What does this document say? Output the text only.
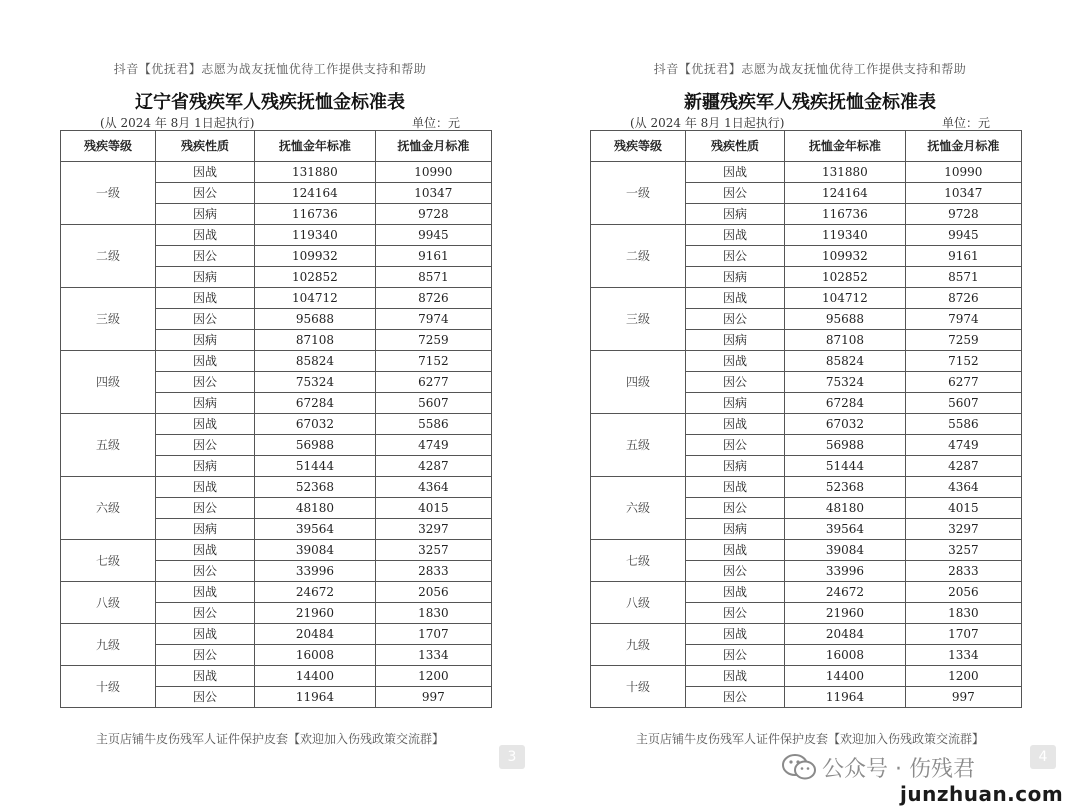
抖音【优抚君】志愿为战友抚恤优待工作提供支持和帮助
辽宁省残疾军人残疾抚恤金标准表
(从 2024 年 8月 1日起执行)	单位：元
残疾等级	残疾性质	抚恤金年标准	抚恤金月标准
一级	因战	131880	10990
	因公	124164	10347
	因病	116736	9728
二级	因战	119340	9945
	因公	109932	9161
	因病	102852	8571
三级	因战	104712	8726
	因公	95688	7974
	因病	87108	7259
四级	因战	85824	7152
	因公	75324	6277
	因病	67284	5607
五级	因战	67032	5586
	因公	56988	4749
	因病	51444	4287
六级	因战	52368	4364
	因公	48180	4015
	因病	39564	3297
七级	因战	39084	3257
	因公	33996	2833
八级	因战	24672	2056
	因公	21960	1830
九级	因战	20484	1707
	因公	16008	1334
十级	因战	14400	1200
	因公	11964	997
主页店铺牛皮伤残军人证件保护皮套【欢迎加入伤残政策交流群】
3
抖音【优抚君】志愿为战友抚恤优待工作提供支持和帮助
新疆残疾军人残疾抚恤金标准表
(从 2024 年 8月 1日起执行)	单位：元
残疾等级	残疾性质	抚恤金年标准	抚恤金月标准
一级	因战	131880	10990
	因公	124164	10347
	因病	116736	9728
二级	因战	119340	9945
	因公	109932	9161
	因病	102852	8571
三级	因战	104712	8726
	因公	95688	7974
	因病	87108	7259
四级	因战	85824	7152
	因公	75324	6277
	因病	67284	5607
五级	因战	67032	5586
	因公	56988	4749
	因病	51444	4287
六级	因战	52368	4364
	因公	48180	4015
	因病	39564	3297
七级	因战	39084	3257
	因公	33996	2833
八级	因战	24672	2056
	因公	21960	1830
九级	因战	20484	1707
	因公	16008	1334
十级	因战	14400	1200
	因公	11964	997
主页店铺牛皮伤残军人证件保护皮套【欢迎加入伤残政策交流群】
4
公众号 · 伤残君
junzhuan.com
